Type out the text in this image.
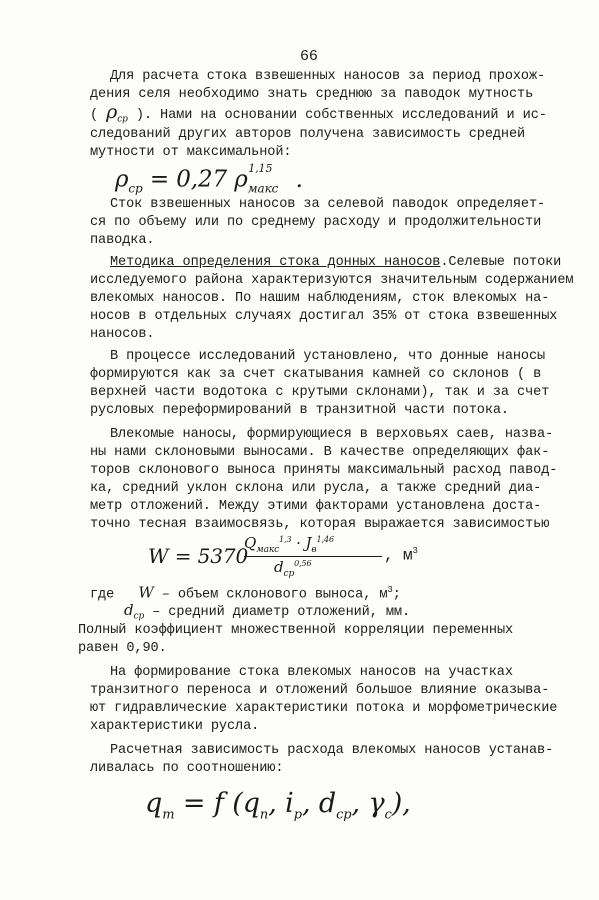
66
Для расчета стока взвешенных наносов за период прохож-
дения селя необходимо знать среднюю за паводок мутность
( $\rho_{ср}$ ). Нами на основании собственных исследований и ис-
следований других авторов получена зависимость средней
мутности от максимальной:
$\rho_{ср} = 0,27$ $\rho_{макс}^{1,15}$ .
Сток взвешенных наносов за селевой паводок определяет-
ся по объему или по среднему расходу и продолжительности
паводка.
Методика определения стока донных наносов.Селевые потоки
исследуемого района характеризуются значительным содержанием
влекомых наносов. По нашим наблюдениям, сток влекомых на-
носов в отдельных случаях достигал 35% от стока взвешенных
наносов.
В процессе исследований установлено, что донные наносы
формируются как за счет скатывания камней со склонов ( в
верхней части водотока с крутыми склонами), так и за счет
русловых переформирований в транзитной части потока.
Влекомые наносы, формирующиеся в верховьях саев, назва-
ны нами склоновыми выносами. В качестве определяющих фак-
торов склонового выноса приняты максимальный расход павод-
ка, средний уклон склона или русла, а также средний диа-
метр отложений. Между этими факторами установлена доста-
точно тесная взаимосвязь, которая выражается зависимостью
W = 5370
$Q_{макс}^{1,3} \cdot J_в^{1,46}$
$d_{ср}^{0,56}$	, $м^3$
где W – объем склонового выноса, $м^3$;
$d_{ср}$ – средний диаметр отложений, мм.
Полный коэффициент множественной корреляции переменных
равен 0,90.
На формирование стока влекомых наносов на участках
транзитного переноса и отложений большое влияние оказыва-
ют гидравлические характеристики потока и морфометрические
характеристики русла.
Расчетная зависимость расхода влекомых наносов устанав-
ливалась по соотношению:
$q_т = f$ ($q_п$, $i_р$, $d_{ср}$, $\gamma_с$),
